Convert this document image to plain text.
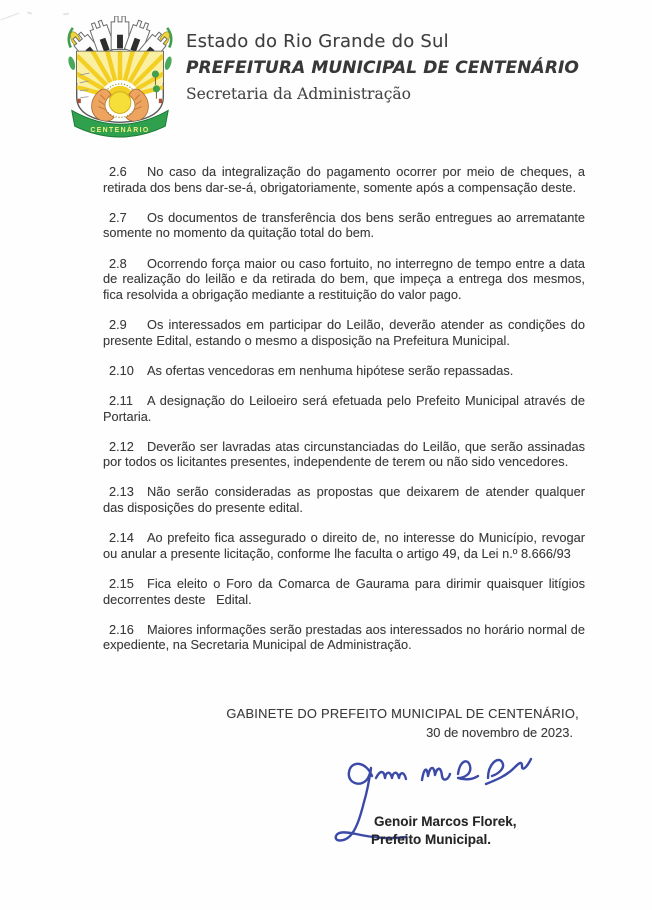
CENTENÁRIO
Estado do Rio Grande do Sul
PREFEITURA MUNICIPAL DE CENTENÁRIO
Secretaria da Administração

2.6 No caso da integralização do pagamento ocorrer por meio de cheques, a retirada dos bens dar-se-á, obrigatoriamente, somente após a compensação deste.

2.7 Os documentos de transferência dos bens serão entregues ao arrematante somente no momento da quitação total do bem.

2.8 Ocorrendo força maior ou caso fortuito, no interregno de tempo entre a data de realização do leilão e da retirada do bem, que impeça a entrega dos mesmos, fica resolvida a obrigação mediante a restituição do valor pago.

2.9 Os interessados em participar do Leilão, deverão atender as condições do presente Edital, estando o mesmo a disposição na Prefeitura Municipal.

2.10 As ofertas vencedoras em nenhuma hipótese serão repassadas.

2.11 A designação do Leiloeiro será efetuada pelo Prefeito Municipal através de Portaria.

2.12 Deverão ser lavradas atas circunstanciadas do Leilão, que serão assinadas por todos os licitantes presentes, independente de terem ou não sido vencedores.

2.13 Não serão consideradas as propostas que deixarem de atender qualquer das disposições do presente edital.

2.14 Ao prefeito fica assegurado o direito de, no interesse do Município, revogar ou anular a presente licitação, conforme lhe faculta o artigo 49, da Lei n.º 8.666/93

2.15 Fica eleito o Foro da Comarca de Gaurama para dirimir quaisquer litígios decorrentes deste   Edital.

2.16 Maiores informações serão prestadas aos interessados no horário normal de expediente, na Secretaria Municipal de Administração.

GABINETE DO PREFEITO MUNICIPAL DE CENTENÁRIO,
30 de novembro de 2023.
Genoir Marcos Florek,
Prefeito Municipal.
